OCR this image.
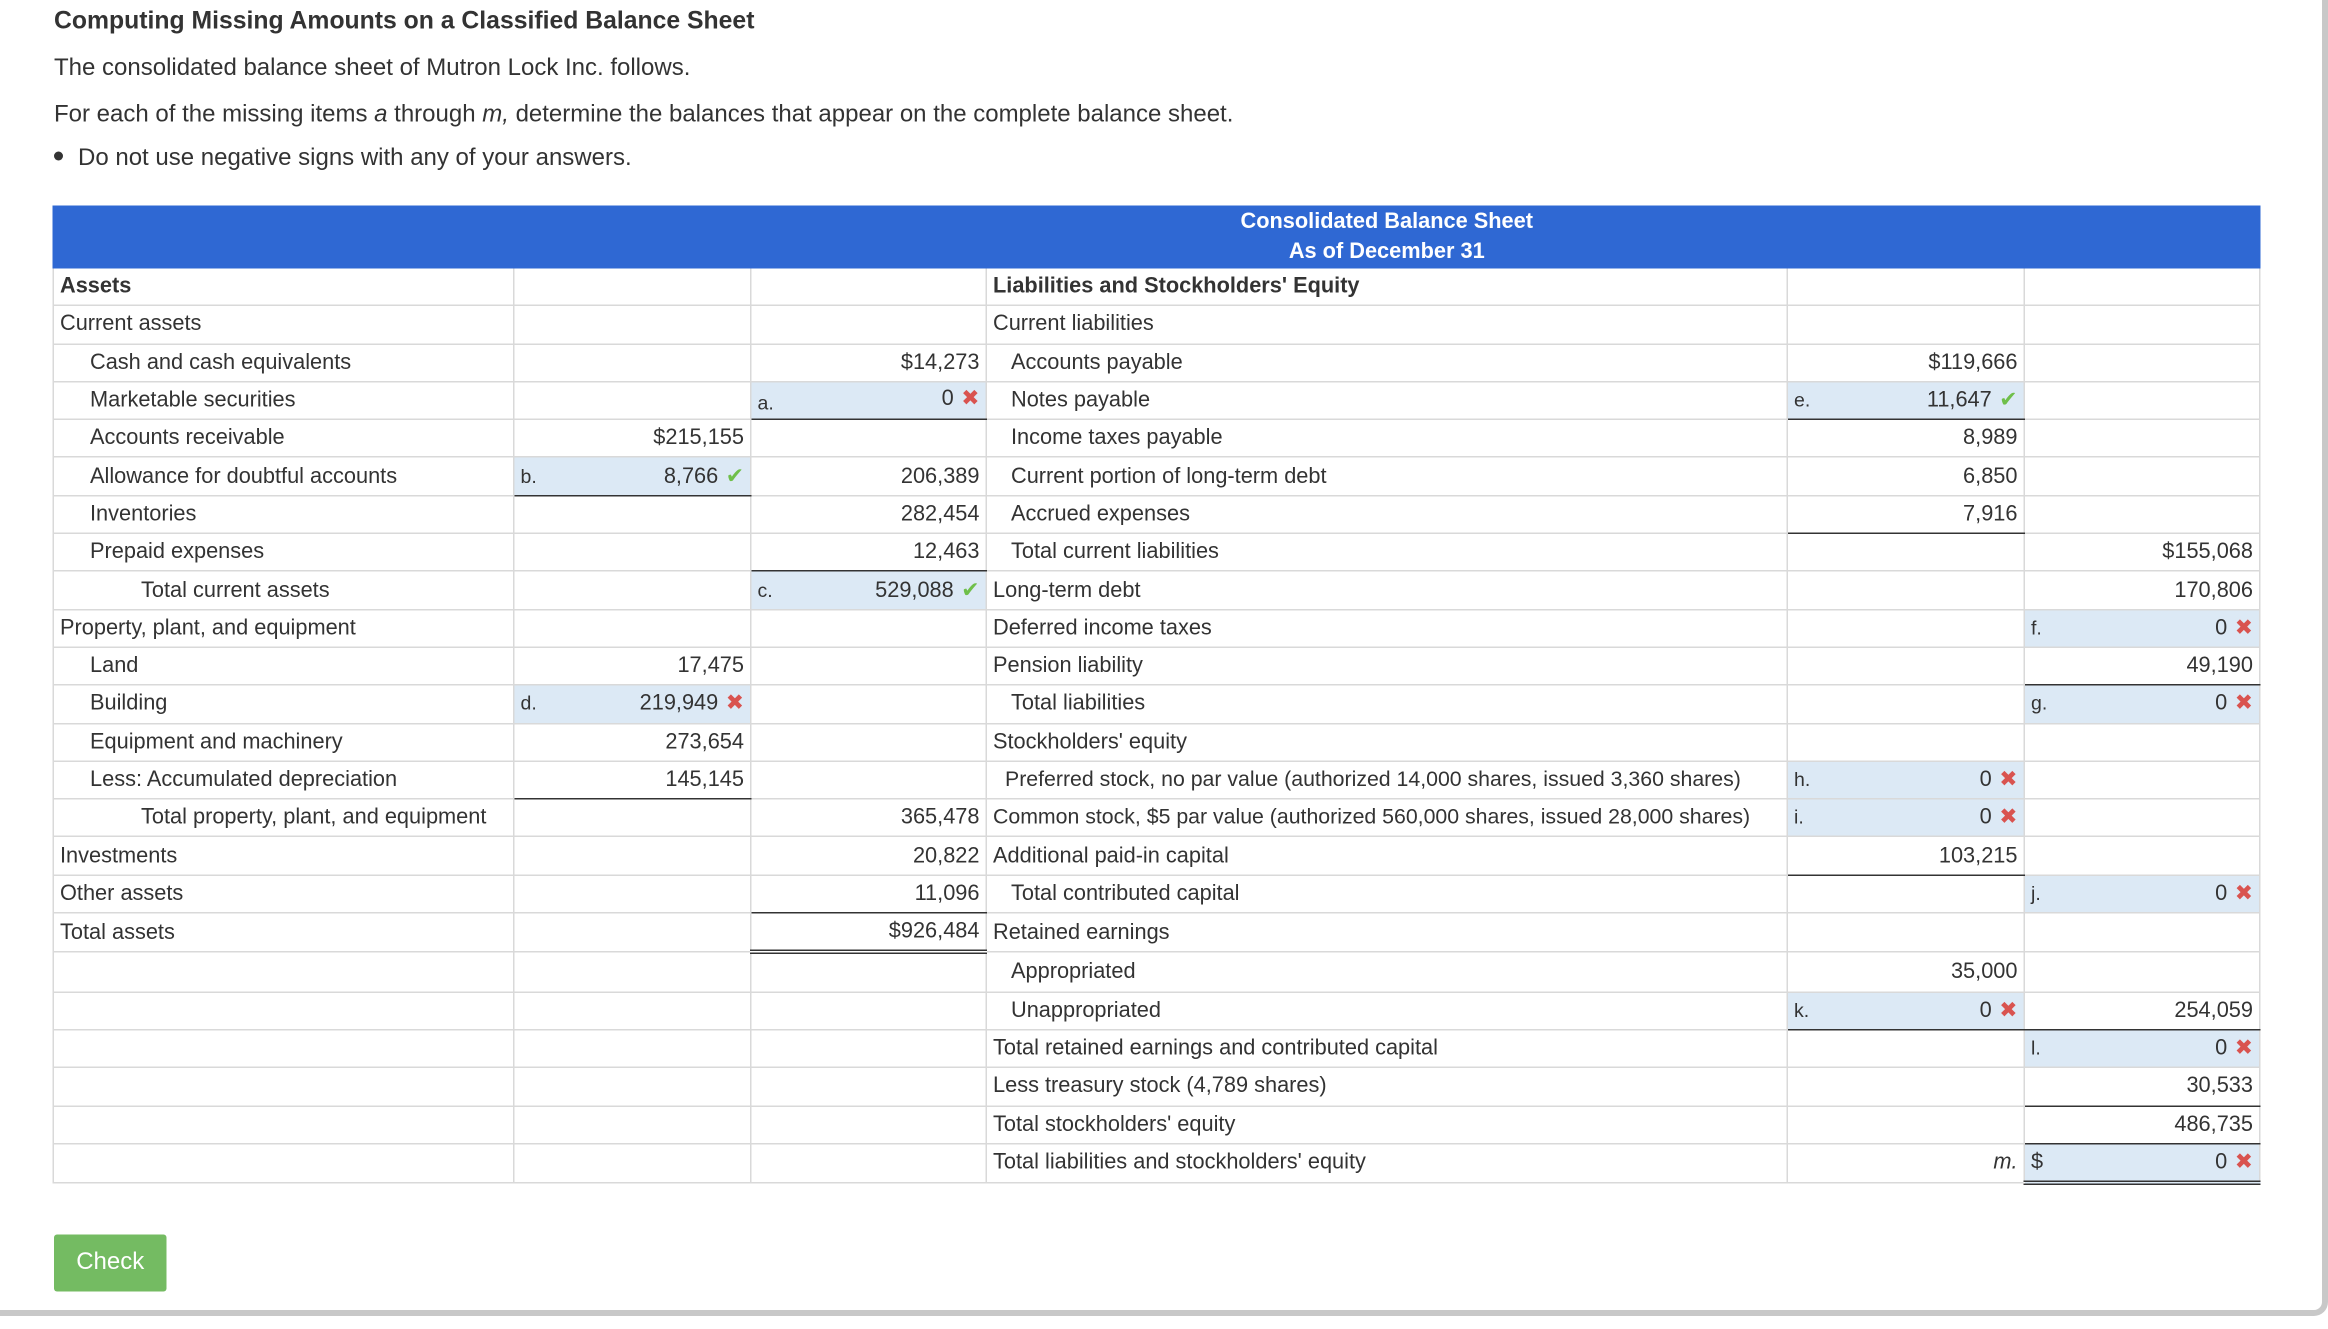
Computing Missing Amounts on a Classified Balance Sheet

The consolidated balance sheet of Mutron Lock Inc. follows.

For each of the missing items a through m, determine the balances that appear on the complete balance sheet.

Do not use negative signs with any of your answers.

			Consolidated Balance Sheet
As of December 31		

Assets			Liabilities and Stockholders' Equity		
Current assets			Current liabilities		
Cash and cash equivalents		$14,273	Accounts payable	$119,666	
Marketable securities		a. 0 ✖	Notes payable	e. 11,647 ✔	
Accounts receivable	$215,155		Income taxes payable	8,989	
Allowance for doubtful accounts	b. 8,766 ✔	206,389	Current portion of long-term debt	6,850	
Inventories		282,454	Accrued expenses	7,916	
Prepaid expenses		12,463	Total current liabilities		$155,068
Total current assets		c. 529,088 ✔	Long-term debt		170,806
Property, plant, and equipment			Deferred income taxes		f. 0 ✖
Land	17,475		Pension liability		49,190
Building	d. 219,949 ✖		Total liabilities		g. 0 ✖
Equipment and machinery	273,654		Stockholders' equity		
Less: Accumulated depreciation	145,145		Preferred stock, no par value (authorized 14,000 shares, issued 3,360 shares)	h. 0 ✖	
Total property, plant, and equipment		365,478	Common stock, $5 par value (authorized 560,000 shares, issued 28,000 shares)	i. 0 ✖	
Investments		20,822	Additional paid-in capital	103,215	
Other assets		11,096	Total contributed capital		j. 0 ✖
Total assets		$926,484	Retained earnings		
			Appropriated	35,000	
			Unappropriated	k. 0 ✖	254,059
			Total retained earnings and contributed capital		l. 0 ✖
			Less treasury stock (4,789 shares)		30,533
			Total stockholders' equity		486,735
			Total liabilities and stockholders' equity	m.	$ 0 ✖
Check
